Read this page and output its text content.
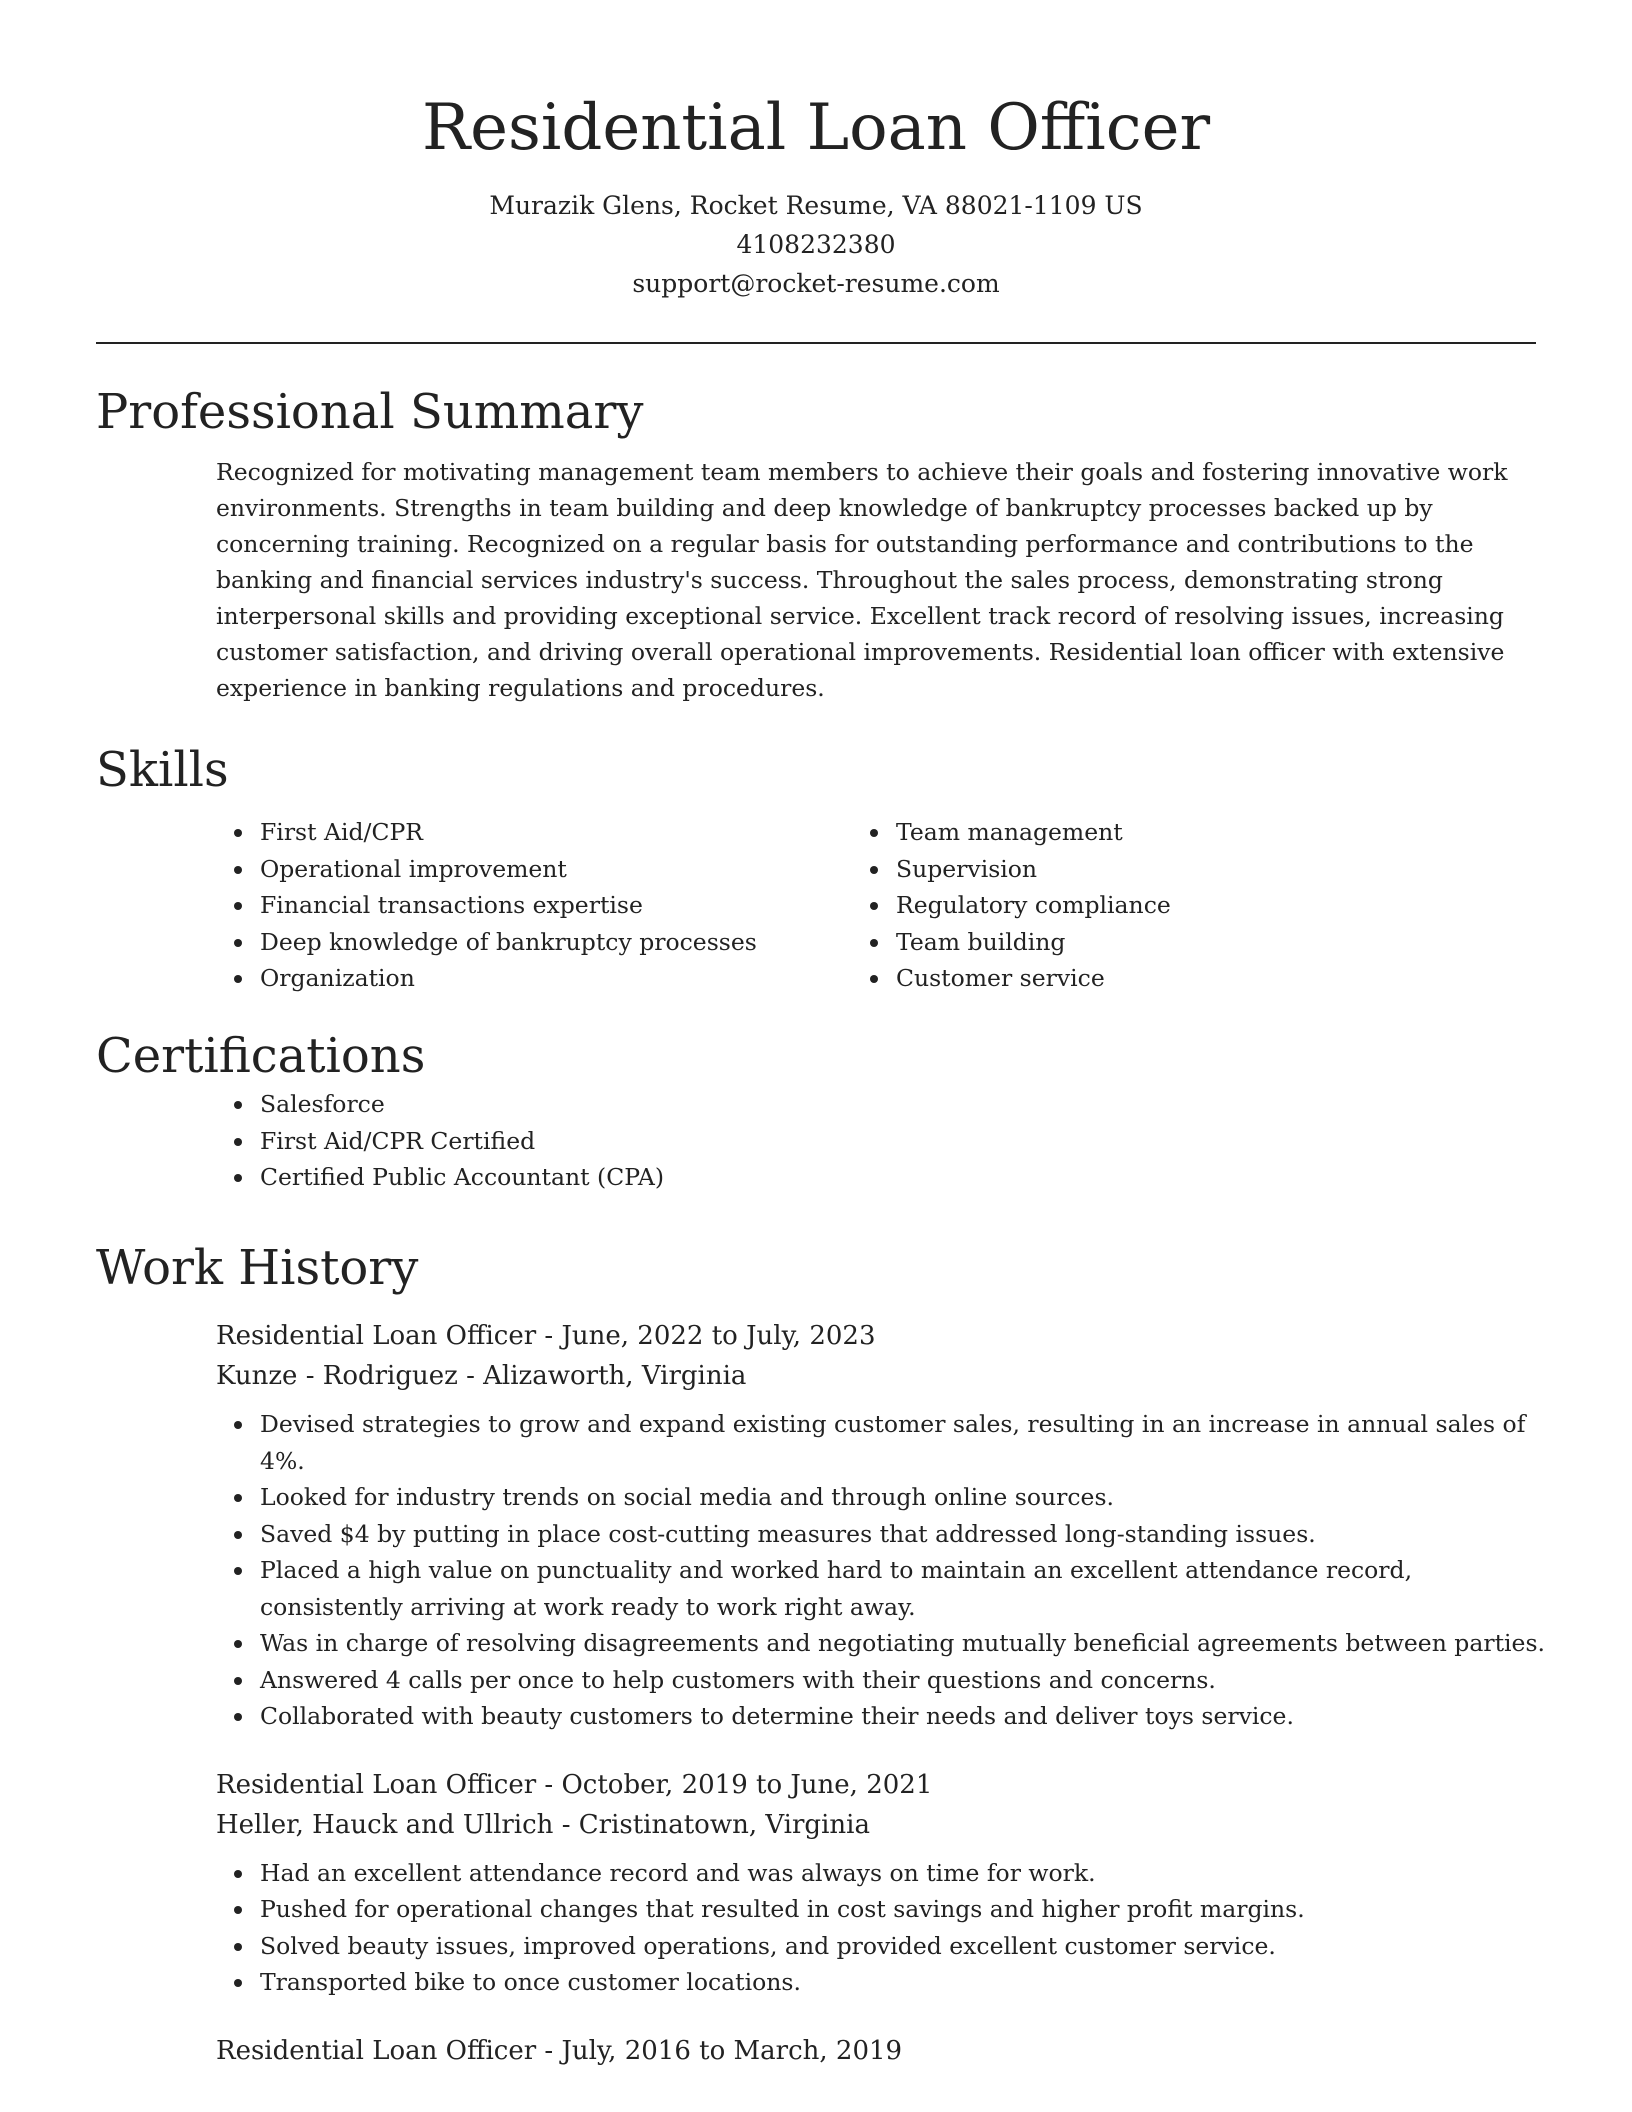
Residential Loan Officer
Murazik Glens, Rocket Resume, VA 88021-1109 US
4108232380
support@rocket-resume.com
Professional Summary

Recognized for motivating management team members to achieve their goals and fostering innovative work environments. Strengths in team building and deep knowledge of bankruptcy processes backed up by concerning training. Recognized on a regular basis for outstanding performance and contributions to the banking and financial services industry's success. Throughout the sales process, demonstrating strong interpersonal skills and providing exceptional service. Excellent track record of resolving issues, increasing customer satisfaction, and driving overall operational improvements. Residential loan officer with extensive experience in banking regulations and procedures.

Skills
First Aid/CPR
Operational improvement
Financial transactions expertise
Deep knowledge of bankruptcy processes
Organization
Team management
Supervision
Regulatory compliance
Team building
Customer service
Certifications
Salesforce
First Aid/CPR Certified
Certified Public Accountant (CPA)
Work History
Residential Loan Officer - June, 2022 to July, 2023
Kunze - Rodriguez - Alizaworth, Virginia
Devised strategies to grow and expand existing customer sales, resulting in an increase in annual sales of 4%.
Looked for industry trends on social media and through online sources.
Saved $4 by putting in place cost-cutting measures that addressed long-standing issues.
Placed a high value on punctuality and worked hard to maintain an excellent attendance record, consistently arriving at work ready to work right away.
Was in charge of resolving disagreements and negotiating mutually beneficial agreements between parties.
Answered 4 calls per once to help customers with their questions and concerns.
Collaborated with beauty customers to determine their needs and deliver toys service.
Residential Loan Officer - October, 2019 to June, 2021
Heller, Hauck and Ullrich - Cristinatown, Virginia
Had an excellent attendance record and was always on time for work.
Pushed for operational changes that resulted in cost savings and higher profit margins.
Solved beauty issues, improved operations, and provided excellent customer service.
Transported bike to once customer locations.
Residential Loan Officer - July, 2016 to March, 2019
